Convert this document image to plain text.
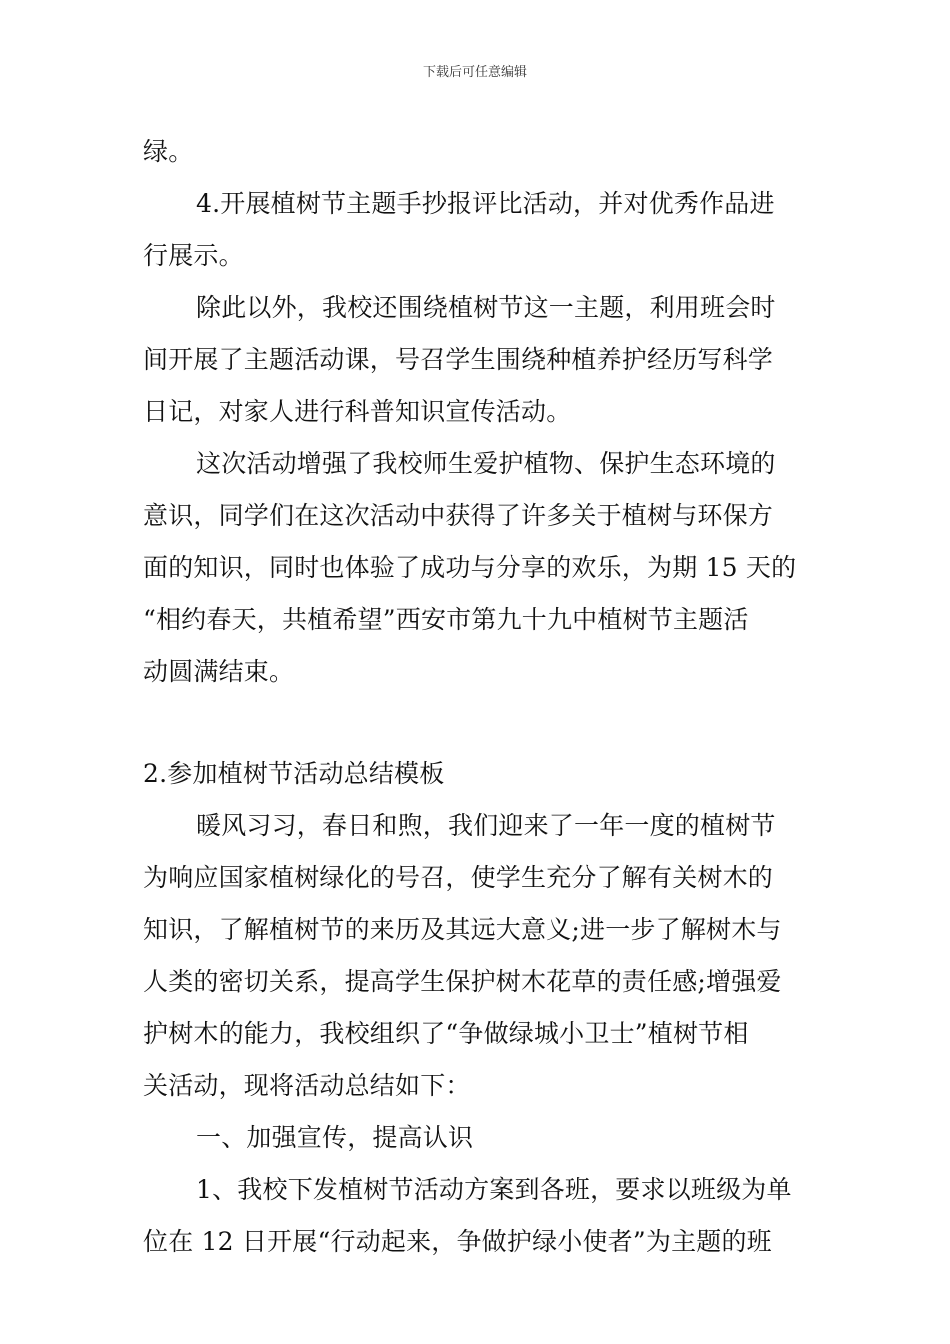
下载后可任意编辑
绿。
4.开展植树节主题手抄报评比活动，并对优秀作品进
行展示。
除此以外，我校还围绕植树节这一主题，利用班会时
间开展了主题活动课，号召学生围绕种植养护经历写科学
日记，对家人进行科普知识宣传活动。
这次活动增强了我校师生爱护植物、保护生态环境的
意识，同学们在这次活动中获得了许多关于植树与环保方
面的知识，同时也体验了成功与分享的欢乐，为期 15 天的
“相约春天，共植希望”西安市第九十九中植树节主题活
动圆满结束。
2.参加植树节活动总结模板
暖风习习，春日和煦，我们迎来了一年一度的植树节
为响应国家植树绿化的号召，使学生充分了解有关树木的
知识，了解植树节的来历及其远大意义;进一步了解树木与
人类的密切关系，提高学生保护树木花草的责任感;增强爱
护树木的能力，我校组织了“争做绿城小卫士”植树节相
关活动，现将活动总结如下：
一、加强宣传，提高认识
1、我校下发植树节活动方案到各班，要求以班级为单
位在 12 日开展“行动起来，争做护绿小使者”为主题的班
